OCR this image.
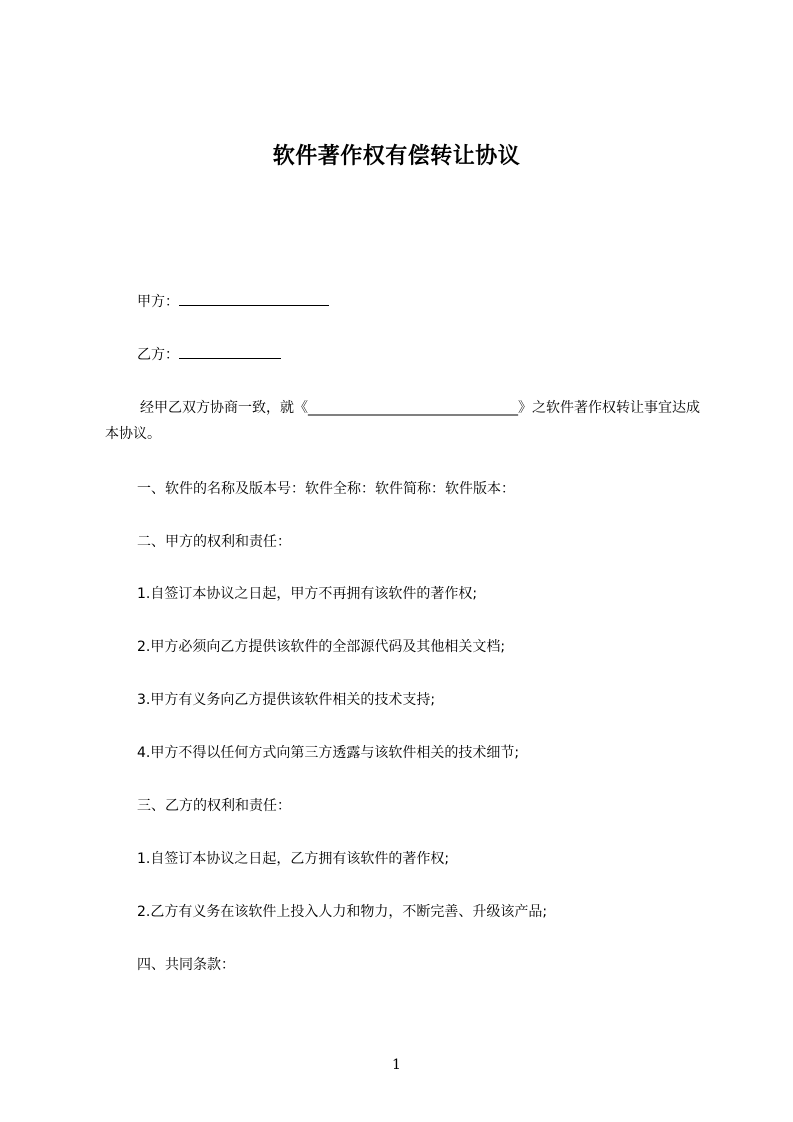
软件著作权有偿转让协议
甲方：
乙方：
经甲乙双方协商一致，就《______________________________》之软件著作权转让事宜达成本协议。
一、软件的名称及版本号：软件全称：软件简称：软件版本：
二、甲方的权利和责任：
1.自签订本协议之日起，甲方不再拥有该软件的著作权;
2.甲方必须向乙方提供该软件的全部源代码及其他相关文档;
3.甲方有义务向乙方提供该软件相关的技术支持;
4.甲方不得以任何方式向第三方透露与该软件相关的技术细节;
三、乙方的权利和责任：
1.自签订本协议之日起，乙方拥有该软件的著作权;
2.乙方有义务在该软件上投入人力和物力，不断完善、升级该产品;
四、共同条款：
1
